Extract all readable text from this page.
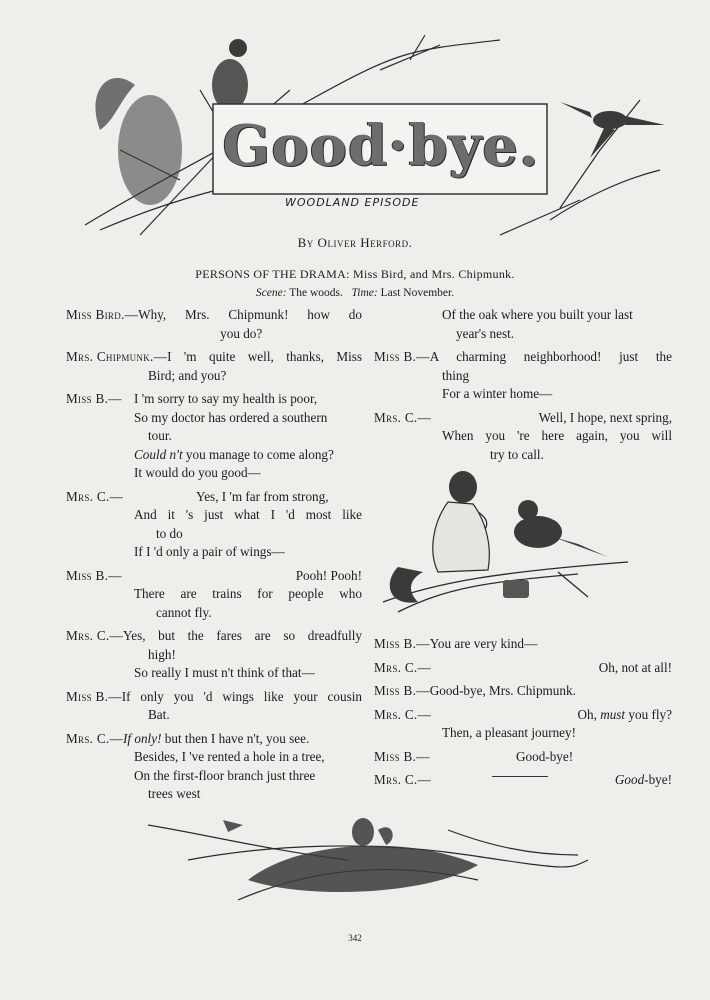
Good·bye.
WOODLAND EPISODE
By Oliver Herford.
PERSONS OF THE DRAMA: Miss Bird, and Mrs. Chipmunk.
Scene: The woods. Time: Last November.
Miss Bird.— Why, Mrs. Chipmunk! how do
you do?
Mrs. Chipmunk.— I 'm quite well, thanks, Miss
Bird; and you?
Miss B.— I 'm sorry to say my health is poor,
So my doctor has ordered a southern
tour.
Could n't you manage to come along?
It would do you good—
Mrs. C.—	Yes, I 'm far from strong,
And it 's just what I 'd most like
to do
If I 'd only a pair of wings—
Miss B.—	Pooh! Pooh!
There are trains for people who
cannot fly.
Mrs. C.— Yes, but the fares are so dreadfully
high!
So really I must n't think of that—
Miss B.— If only you 'd wings like your cousin
Bat.
Mrs. C.— If only! but then I have n't, you see.
Besides, I 've rented a hole in a tree,
On the first-floor branch just three
trees west
Of the oak where you built your last
year's nest.
Miss B.— A charming neighborhood! just the
thing
For a winter home—
Mrs. C.—	Well, I hope, next spring,
When you 're here again, you will
try to call.
Miss B.— You are very kind—
Mrs. C.—	Oh, not at all!
Miss B.— Good-bye, Mrs. Chipmunk.
Mrs. C.—	Oh, must you fly?
Then, a pleasant journey!
Miss B.—	Good-bye!
Mrs. C.—	Good-bye!
342
